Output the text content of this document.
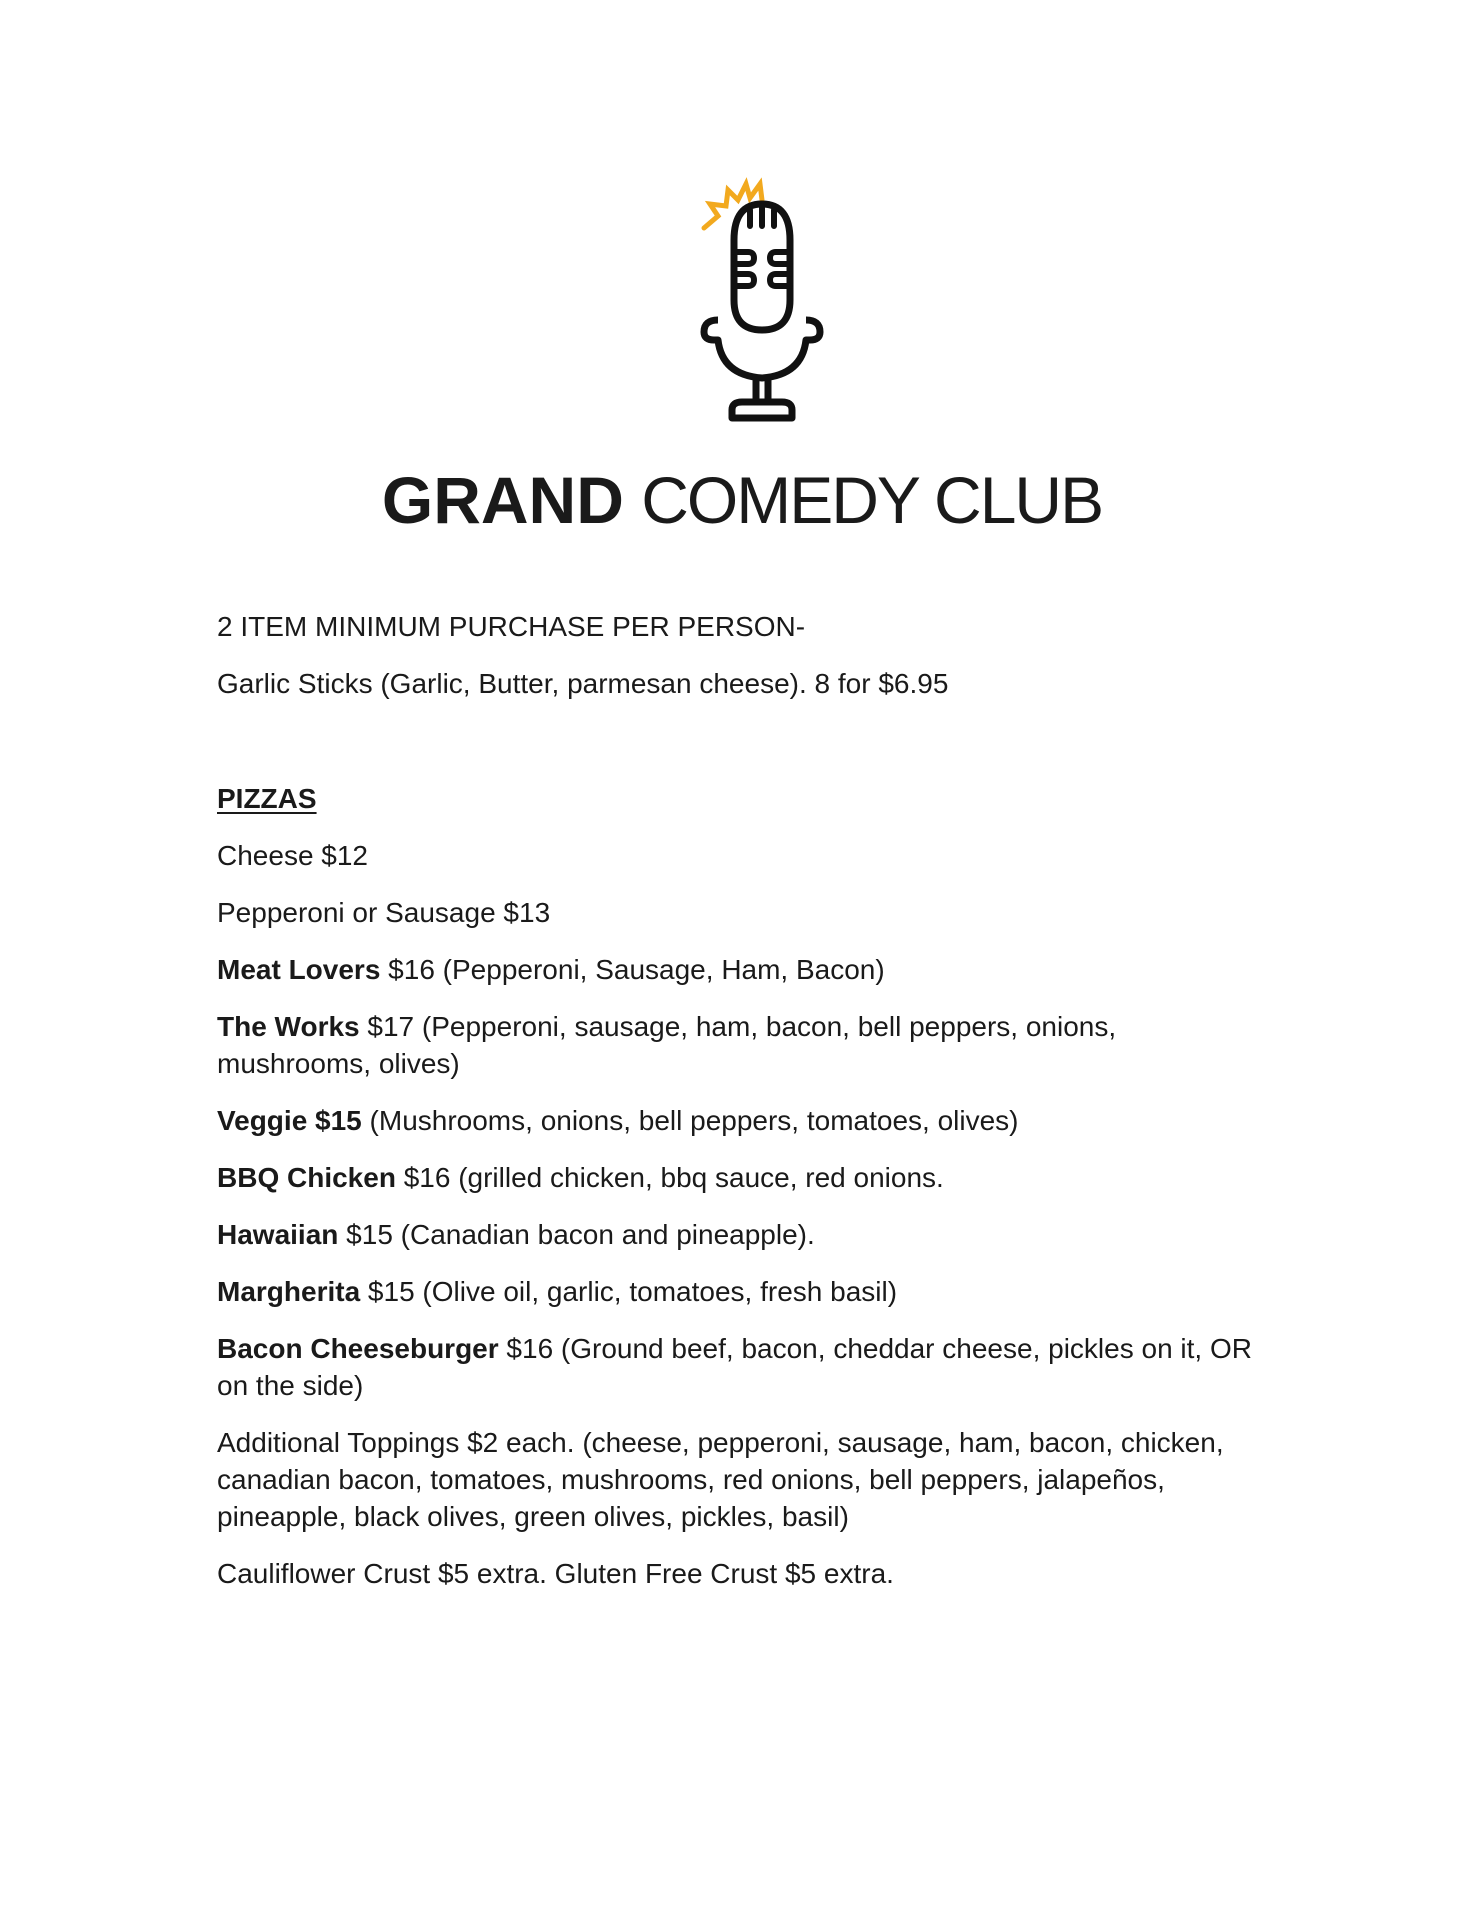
GRAND COMEDY CLUB

2 ITEM MINIMUM PURCHASE PER PERSON-

Garlic Sticks (Garlic, Butter, parmesan cheese). 8 for $6.95

PIZZAS

Cheese $12

Pepperoni or Sausage $13

Meat Lovers $16 (Pepperoni, Sausage, Ham, Bacon)

The Works $17 (Pepperoni, sausage, ham, bacon, bell peppers, onions, mushrooms, olives)

Veggie $15 (Mushrooms, onions, bell peppers, tomatoes, olives)

BBQ Chicken $16 (grilled chicken, bbq sauce, red onions.

Hawaiian $15 (Canadian bacon and pineapple).

Margherita $15 (Olive oil, garlic, tomatoes, fresh basil)

Bacon Cheeseburger $16 (Ground beef, bacon, cheddar cheese, pickles on it, OR on the side)

Additional Toppings $2 each. (cheese, pepperoni, sausage, ham, bacon, chicken, canadian bacon, tomatoes, mushrooms, red onions, bell peppers, jalapeños, pineapple, black olives, green olives, pickles, basil)

Cauliflower Crust $5 extra. Gluten Free Crust $5 extra.
